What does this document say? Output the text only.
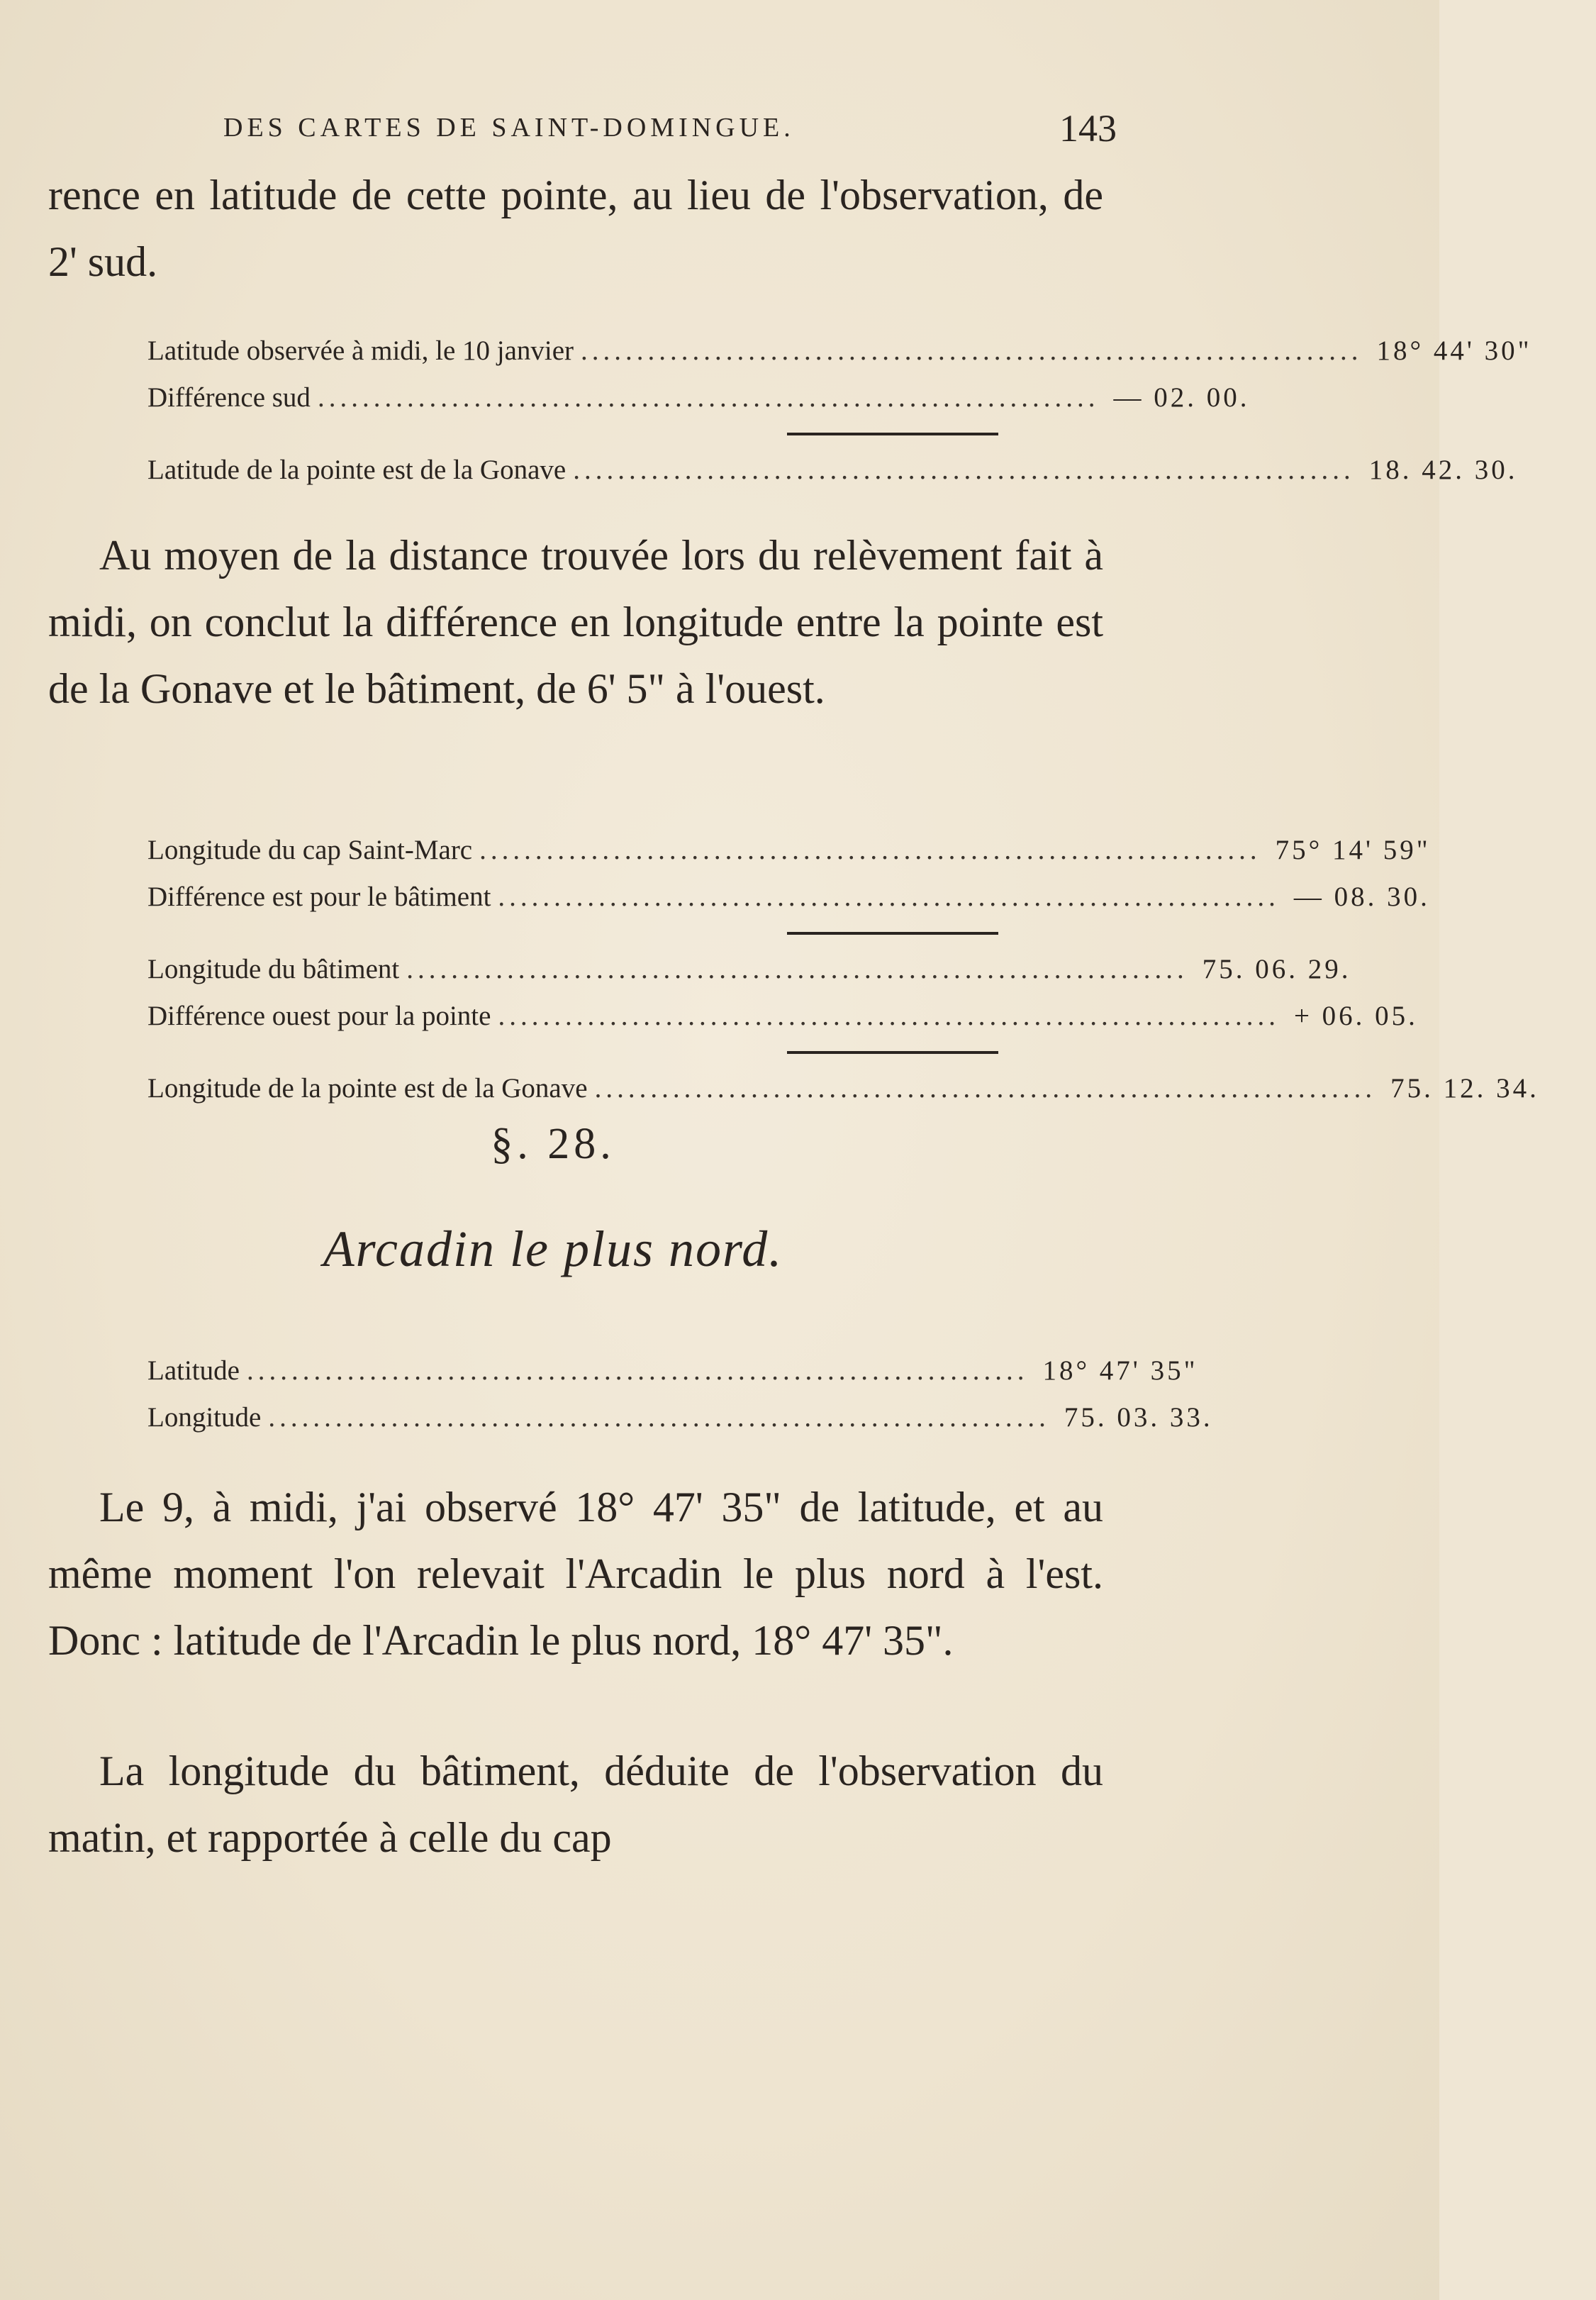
DES CARTES DE SAINT-DOMINGUE.	143

rence en latitude de cette pointe, au lieu de l'observation, de 2' sud.

Latitude observée à midi, le 10 janvier ...................................................................... 18° 44' 30"
Différence sud ...................................................................... — 02. 00.
Latitude de la pointe est de la Gonave ...................................................................... 18. 42. 30.

Au moyen de la distance trouvée lors du relèvement fait à midi, on conclut la différence en longitude entre la pointe est de la Gonave et le bâtiment, de 6' 5" à l'ouest.

Longitude du cap Saint-Marc ...................................................................... 75° 14' 59"
Différence est pour le bâtiment ...................................................................... — 08. 30.
Longitude du bâtiment ...................................................................... 75. 06. 29.
Différence ouest pour la pointe ...................................................................... + 06. 05.
Longitude de la pointe est de la Gonave ...................................................................... 75. 12. 34.
§. 28.
Arcadin le plus nord.
Latitude ...................................................................... 18° 47' 35"
Longitude ...................................................................... 75. 03. 33.

Le 9, à midi, j'ai observé 18° 47' 35" de latitude, et au même moment l'on relevait l'Arcadin le plus nord à l'est. Donc : latitude de l'Arcadin le plus nord, 18° 47' 35".

La longitude du bâtiment, déduite de l'observation du matin, et rapportée à celle du cap
